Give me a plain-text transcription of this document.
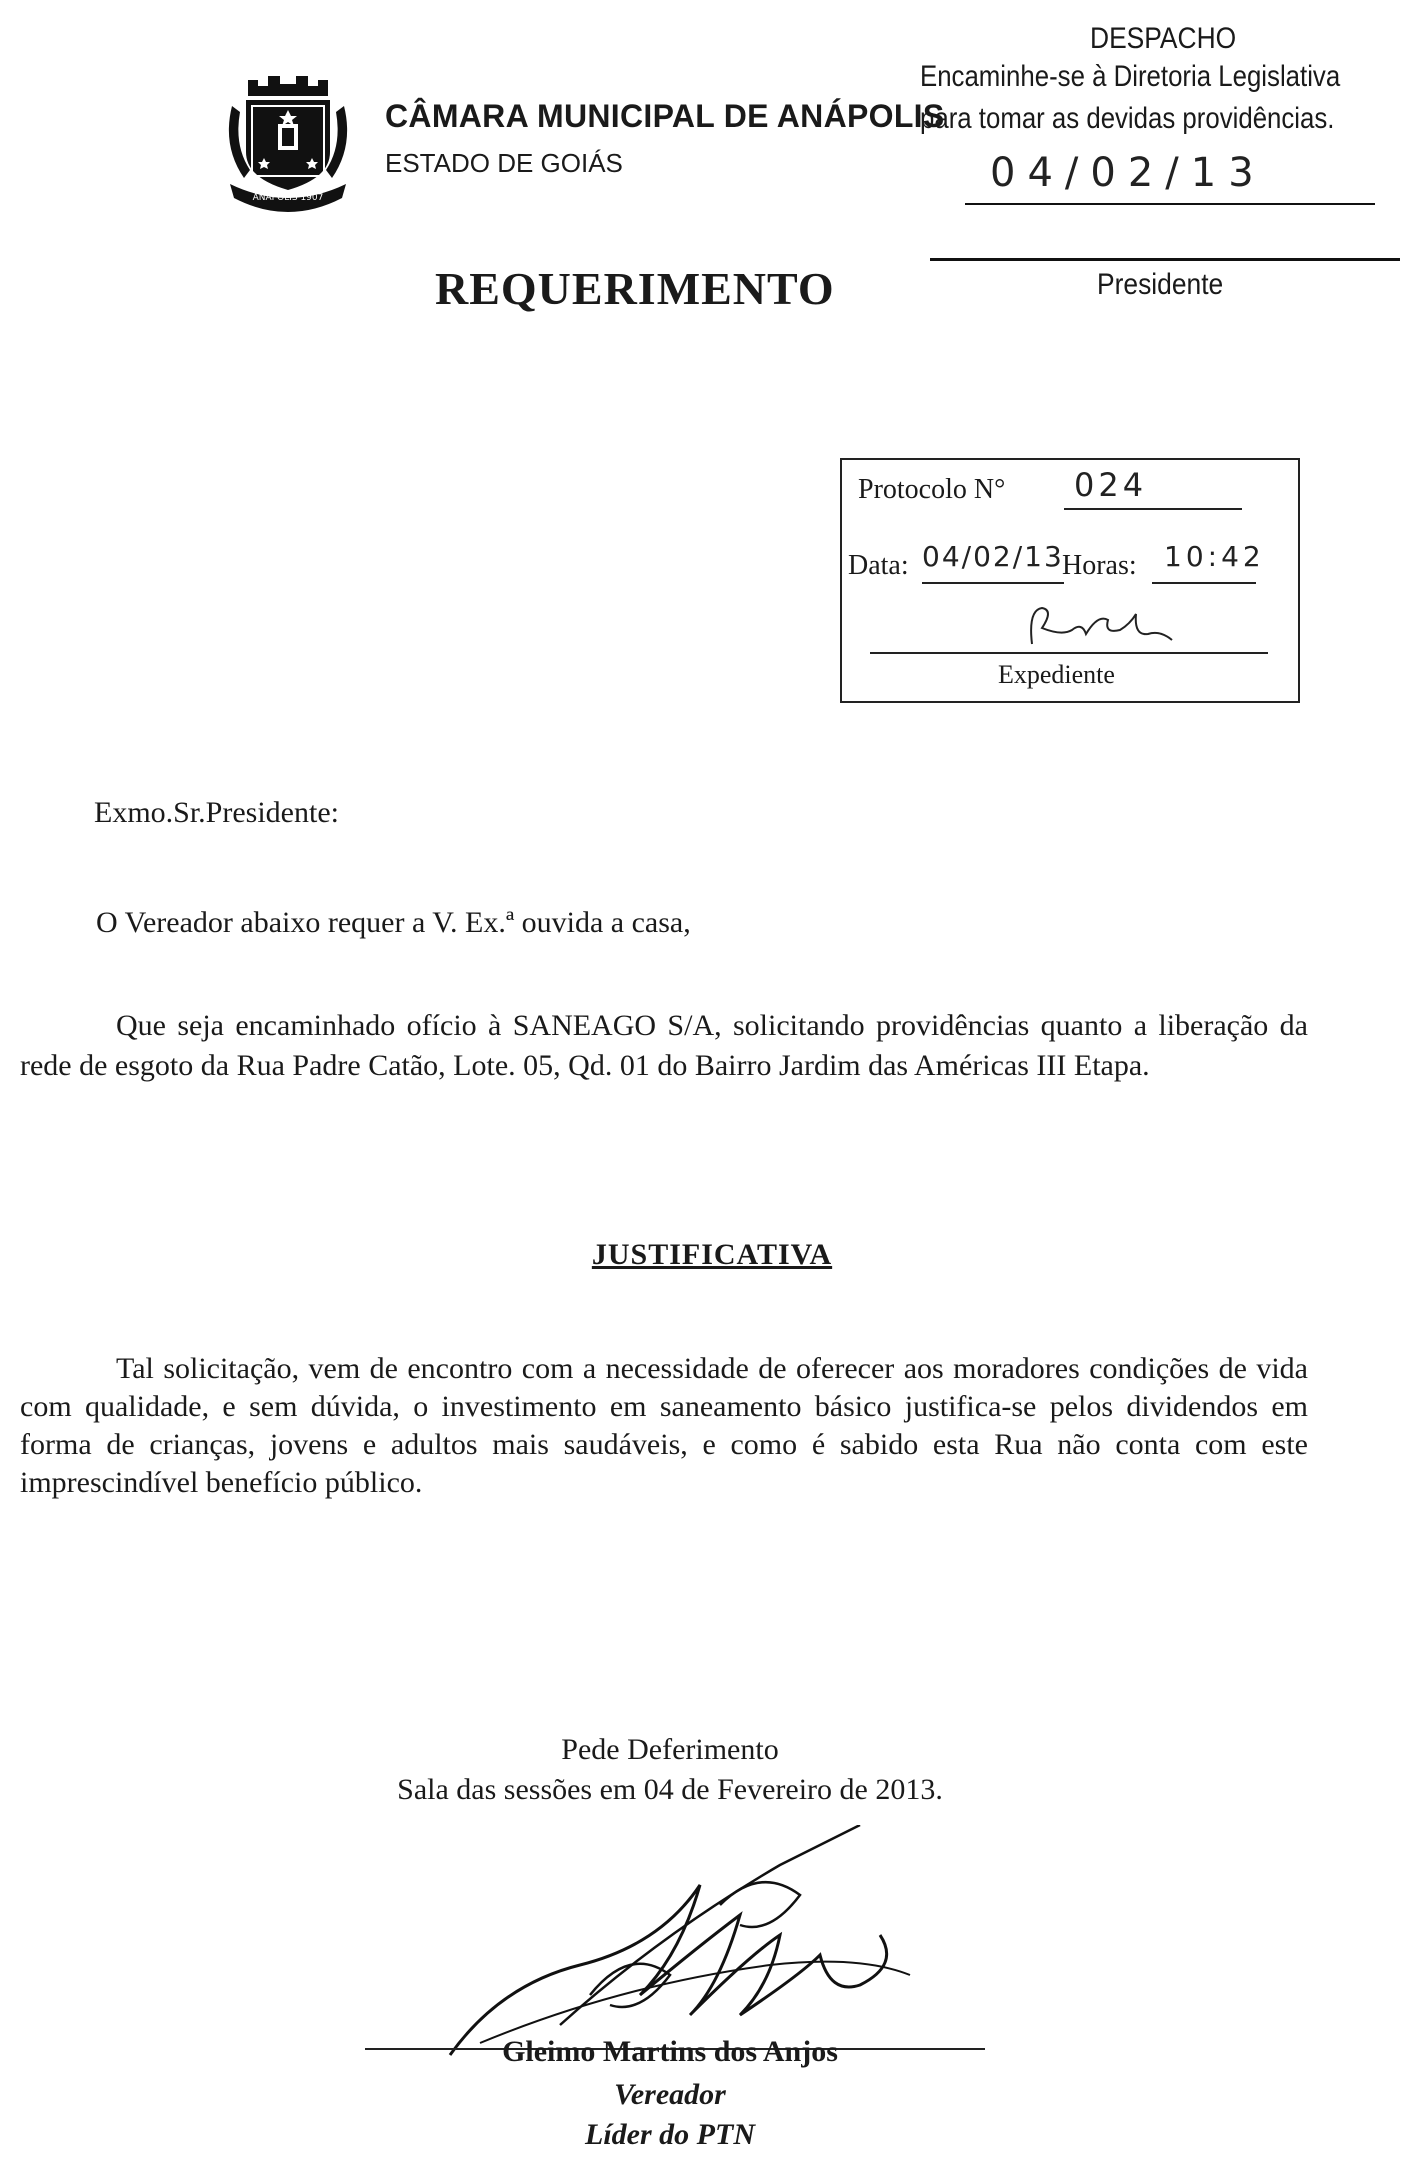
ANÁPOLIS 1907
CÂMARA MUNICIPAL DE ANÁPOLIS
ESTADO DE GOIÁS
DESPACHO
Encaminhe-se à Diretoria Legislativa
para tomar as devidas providências.
04/02/13
Presidente
REQUERIMENTO
Protocolo N° 024
Data: 04/02/13
Horas: 10:42
Expediente
Exmo.Sr.Presidente:
O Vereador abaixo requer a V. Ex.ª ouvida a casa,
Que seja encaminhado ofício à SANEAGO S/A, solicitando providências quanto a liberação da rede de esgoto da Rua Padre Catão, Lote. 05, Qd. 01 do Bairro Jardim das Américas III Etapa.
JUSTIFICATIVA
Tal solicitação, vem de encontro com a necessidade de oferecer aos moradores condições de vida com qualidade, e sem dúvida, o investimento em saneamento básico justifica-se pelos dividendos em forma de crianças, jovens e adultos mais saudáveis, e como é sabido esta Rua não conta com este imprescindível benefício público.
Pede Deferimento
Sala das sessões em 04 de Fevereiro de 2013.
Gleimo Martins dos Anjos
Vereador
Líder do PTN
